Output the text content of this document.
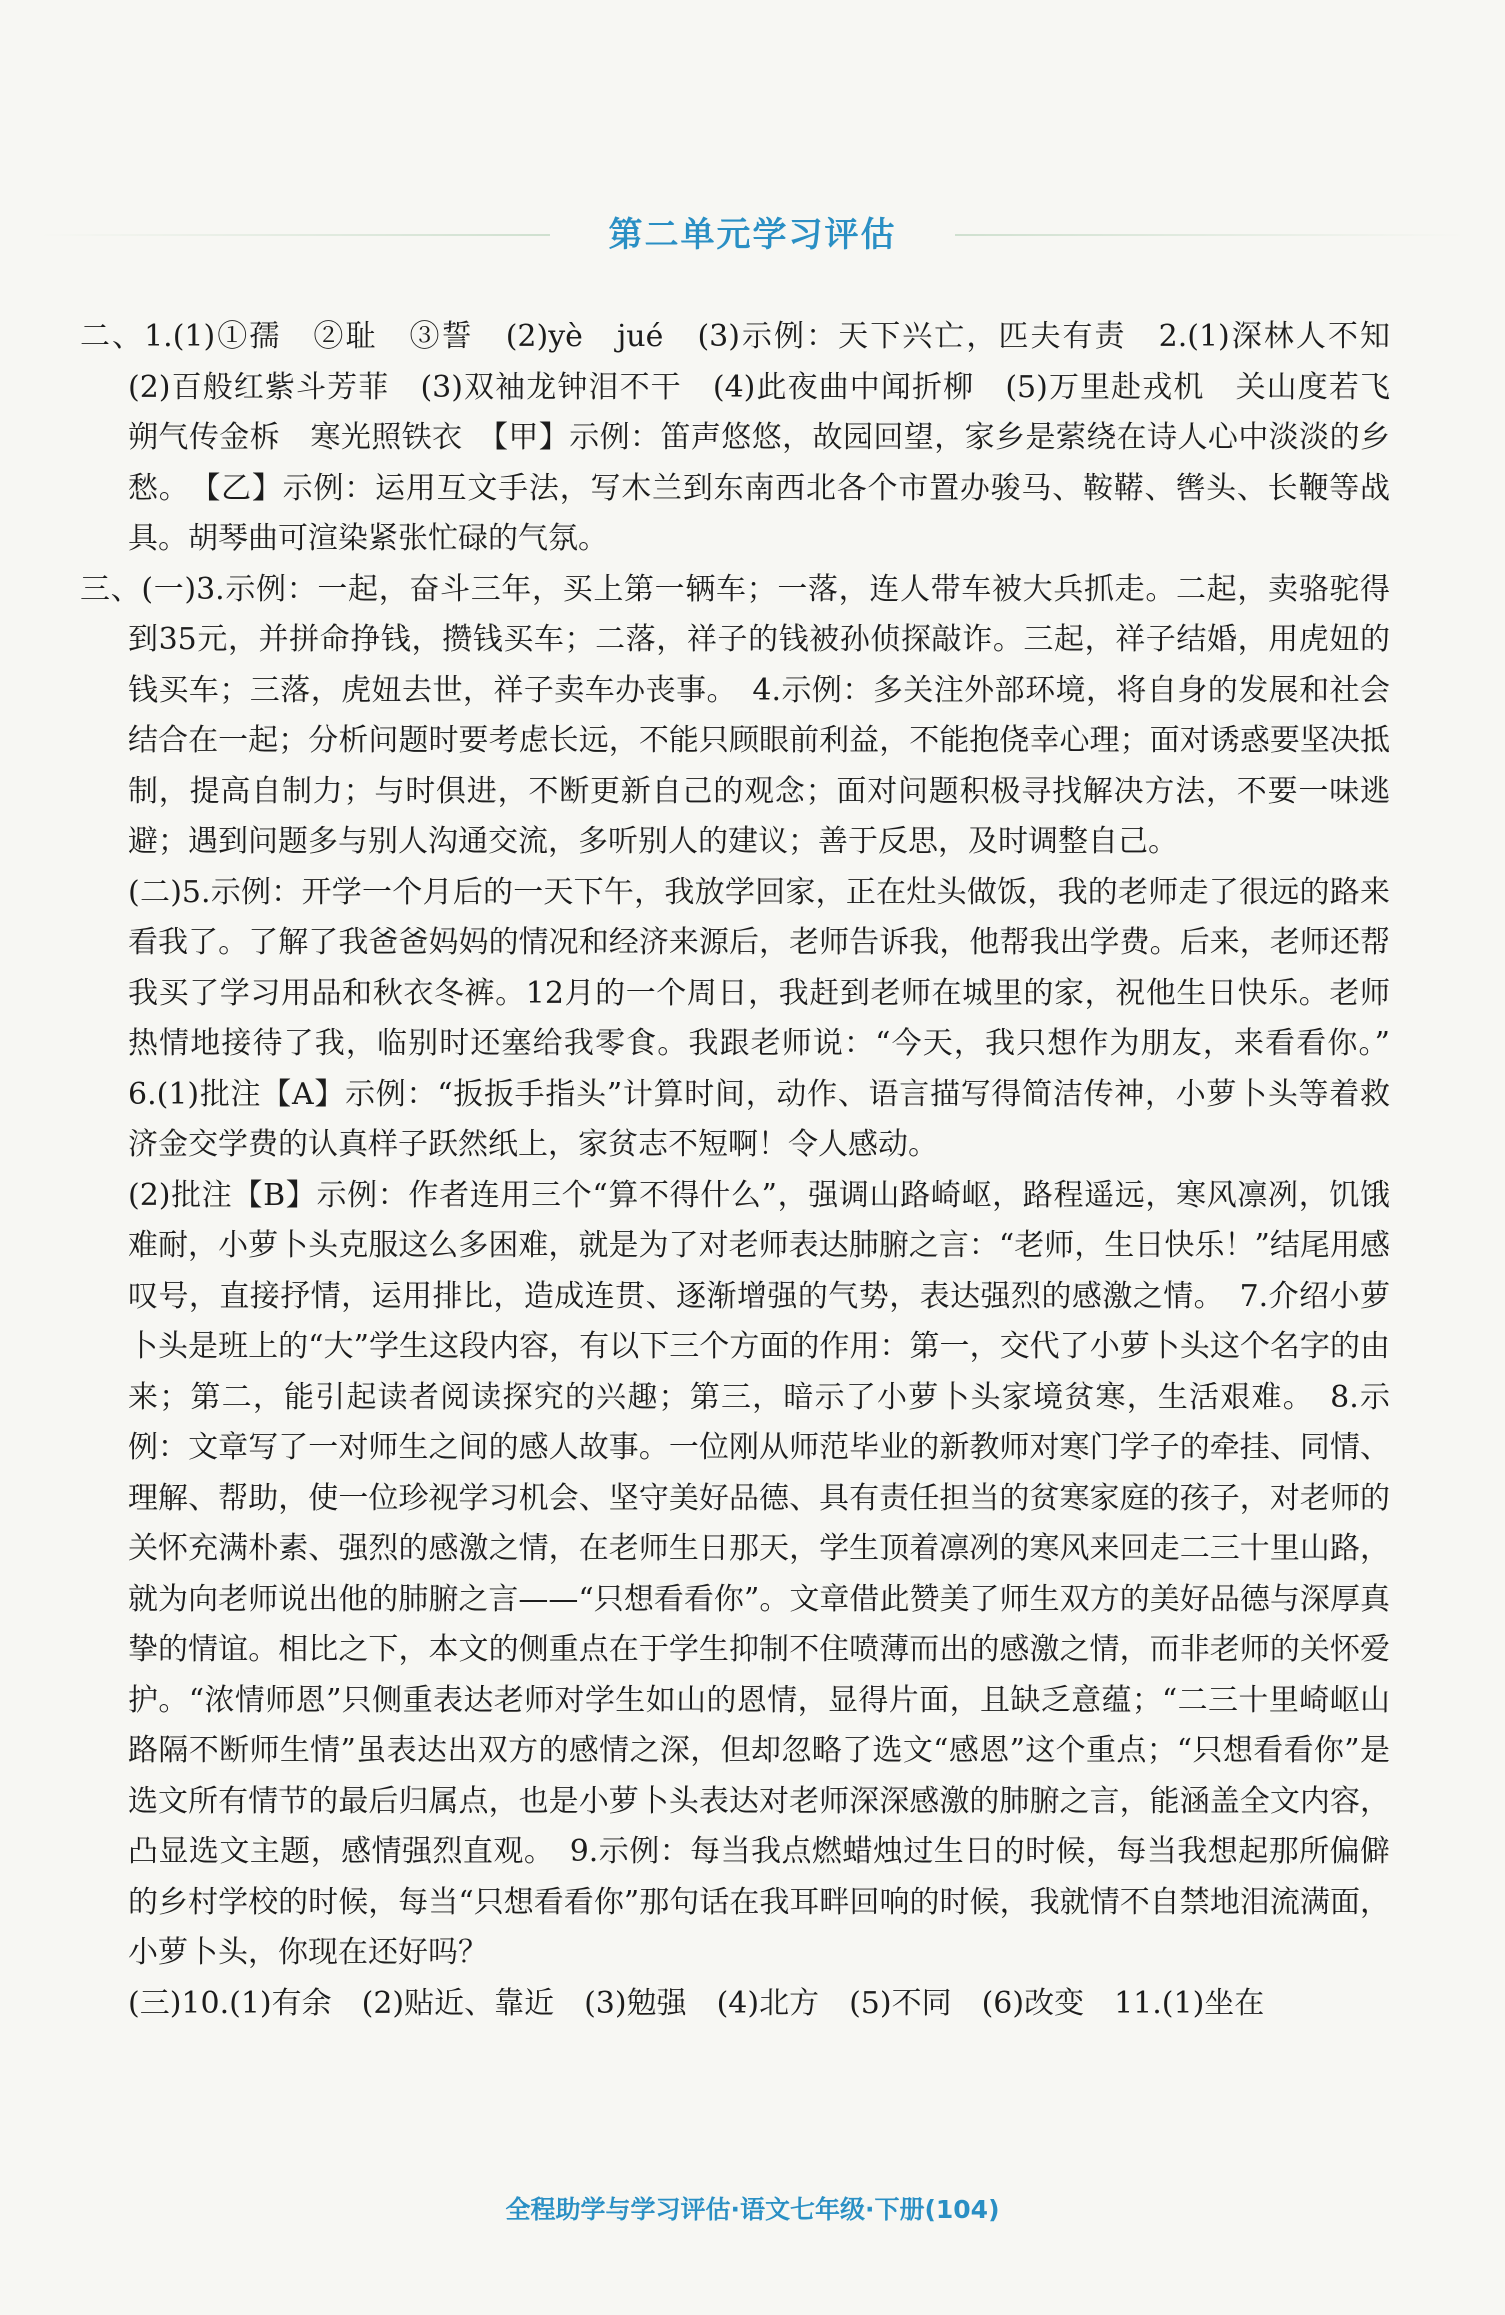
第二单元学习评估

二、1.(1)①孺　②耻　③誓　(2)yè　jué　(3)示例：天下兴亡，匹夫有责　2.(1)深林人不知　(2)百般红紫斗芳菲　(3)双袖龙钟泪不干　(4)此夜曲中闻折柳　(5)万里赴戎机　关山度若飞　朔气传金柝　寒光照铁衣　【甲】示例：笛声悠悠，故园回望，家乡是萦绕在诗人心中淡淡的乡愁。　【乙】示例：运用互文手法，写木兰到东南西北各个市置办骏马、鞍鞯、辔头、长鞭等战具。胡琴曲可渲染紧张忙碌的气氛。

三、(一)3.示例：一起，奋斗三年，买上第一辆车；一落，连人带车被大兵抓走。二起，卖骆驼得到35元，并拼命挣钱，攒钱买车；二落，祥子的钱被孙侦探敲诈。三起，祥子结婚，用虎妞的钱买车；三落，虎妞去世，祥子卖车办丧事。　4.示例：多关注外部环境，将自身的发展和社会结合在一起；分析问题时要考虑长远，不能只顾眼前利益，不能抱侥幸心理；面对诱惑要坚决抵制，提高自制力；与时俱进，不断更新自己的观念；面对问题积极寻找解决方法，不要一味逃避；遇到问题多与别人沟通交流，多听别人的建议；善于反思，及时调整自己。

(二)5.示例：开学一个月后的一天下午，我放学回家，正在灶头做饭，我的老师走了很远的路来看我了。了解了我爸爸妈妈的情况和经济来源后，老师告诉我，他帮我出学费。后来，老师还帮我买了学习用品和秋衣冬裤。12月的一个周日，我赶到老师在城里的家，祝他生日快乐。老师热情地接待了我，临别时还塞给我零食。我跟老师说：“今天，我只想作为朋友，来看看你。”　6.(1)批注【A】示例：“扳扳手指头”计算时间，动作、语言描写得简洁传神，小萝卜头等着救济金交学费的认真样子跃然纸上，家贫志不短啊！令人感动。

(2)批注【B】示例：作者连用三个“算不得什么”，强调山路崎岖，路程遥远，寒风凛冽，饥饿难耐，小萝卜头克服这么多困难，就是为了对老师表达肺腑之言：“老师，生日快乐！”结尾用感叹号，直接抒情，运用排比，造成连贯、逐渐增强的气势，表达强烈的感激之情。　7.介绍小萝卜头是班上的“大”学生这段内容，有以下三个方面的作用：第一，交代了小萝卜头这个名字的由来；第二，能引起读者阅读探究的兴趣；第三，暗示了小萝卜头家境贫寒，生活艰难。　8.示例：文章写了一对师生之间的感人故事。一位刚从师范毕业的新教师对寒门学子的牵挂、同情、理解、帮助，使一位珍视学习机会、坚守美好品德、具有责任担当的贫寒家庭的孩子，对老师的关怀充满朴素、强烈的感激之情，在老师生日那天，学生顶着凛冽的寒风来回走二三十里山路，就为向老师说出他的肺腑之言——“只想看看你”。文章借此赞美了师生双方的美好品德与深厚真挚的情谊。相比之下，本文的侧重点在于学生抑制不住喷薄而出的感激之情，而非老师的关怀爱护。“浓情师恩”只侧重表达老师对学生如山的恩情，显得片面，且缺乏意蕴；“二三十里崎岖山路隔不断师生情”虽表达出双方的感情之深，但却忽略了选文“感恩”这个重点；“只想看看你”是选文所有情节的最后归属点，也是小萝卜头表达对老师深深感激的肺腑之言，能涵盖全文内容，凸显选文主题，感情强烈直观。　9.示例：每当我点燃蜡烛过生日的时候，每当我想起那所偏僻的乡村学校的时候，每当“只想看看你”那句话在我耳畔回响的时候，我就情不自禁地泪流满面，小萝卜头，你现在还好吗？

(三)10.(1)有余　(2)贴近、靠近　(3)勉强　(4)北方　(5)不同　(6)改变　11.(1)坐在

全程助学与学习评估·语文七年级·下册(104)
